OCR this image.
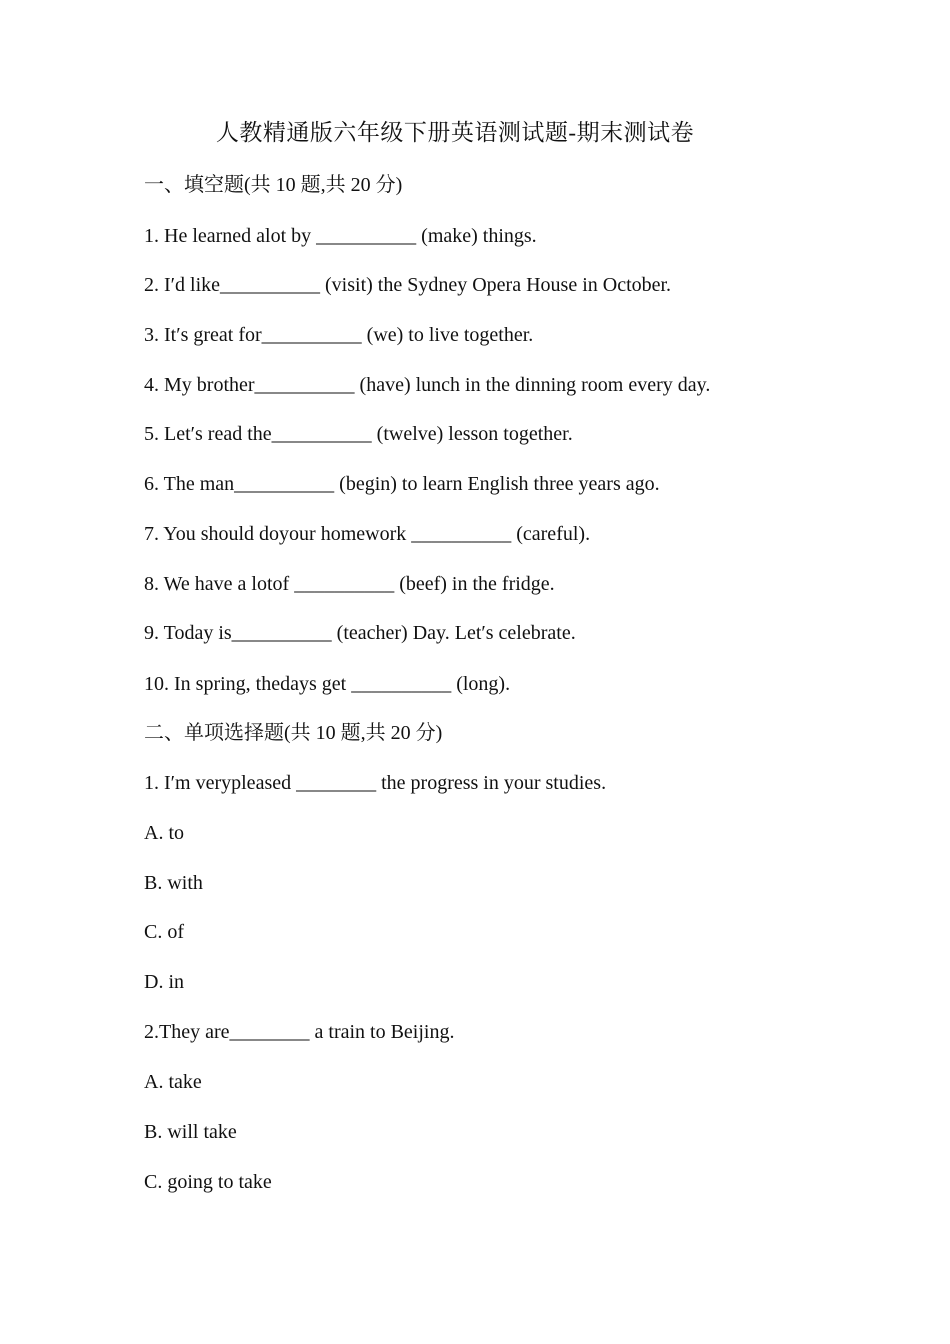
人教精通版六年级下册英语测试题-期末测试卷
一、填空题(共 10 题,共 20 分)
1. He learned alot by __________ (make) things.
2. I′d like__________ (visit) the Sydney Opera House in October.
3. It′s great for__________ (we) to live together.
4. My brother__________ (have) lunch in the dinning room every day.
5. Let′s read the__________ (twelve) lesson together.
6. The man__________ (begin) to learn English three years ago.
7. You should doyour homework __________ (careful).
8. We have a lotof __________ (beef) in the fridge.
9. Today is__________ (teacher) Day. Let′s celebrate.
10. In spring, thedays get __________ (long).
二、单项选择题(共 10 题,共 20 分)
1. I′m verypleased ________ the progress in your studies.
A. to
B. with
C. of
D. in
2.They are________ a train to Beijing.
A. take
B. will take
C. going to take
